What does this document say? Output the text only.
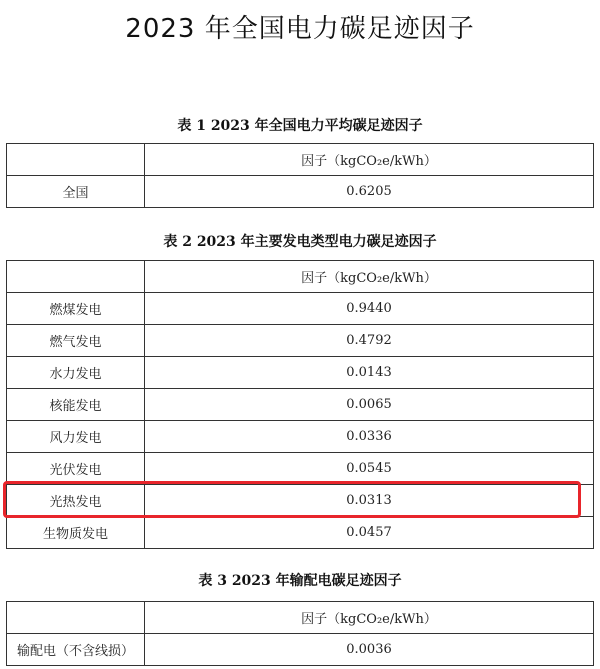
2023 年全国电力碳足迹因子
表 1 2023 年全国电力平均碳足迹因子
	因子（kgCO₂e/kWh）
全国	0.6205
表 2 2023 年主要发电类型电力碳足迹因子
	因子（kgCO₂e/kWh）
燃煤发电	0.9440
燃气发电	0.4792
水力发电	0.0143
核能发电	0.0065
风力发电	0.0336
光伏发电	0.0545
光热发电	0.0313
生物质发电	0.0457
表 3 2023 年输配电碳足迹因子
	因子（kgCO₂e/kWh）
输配电（不含线损）	0.0036
